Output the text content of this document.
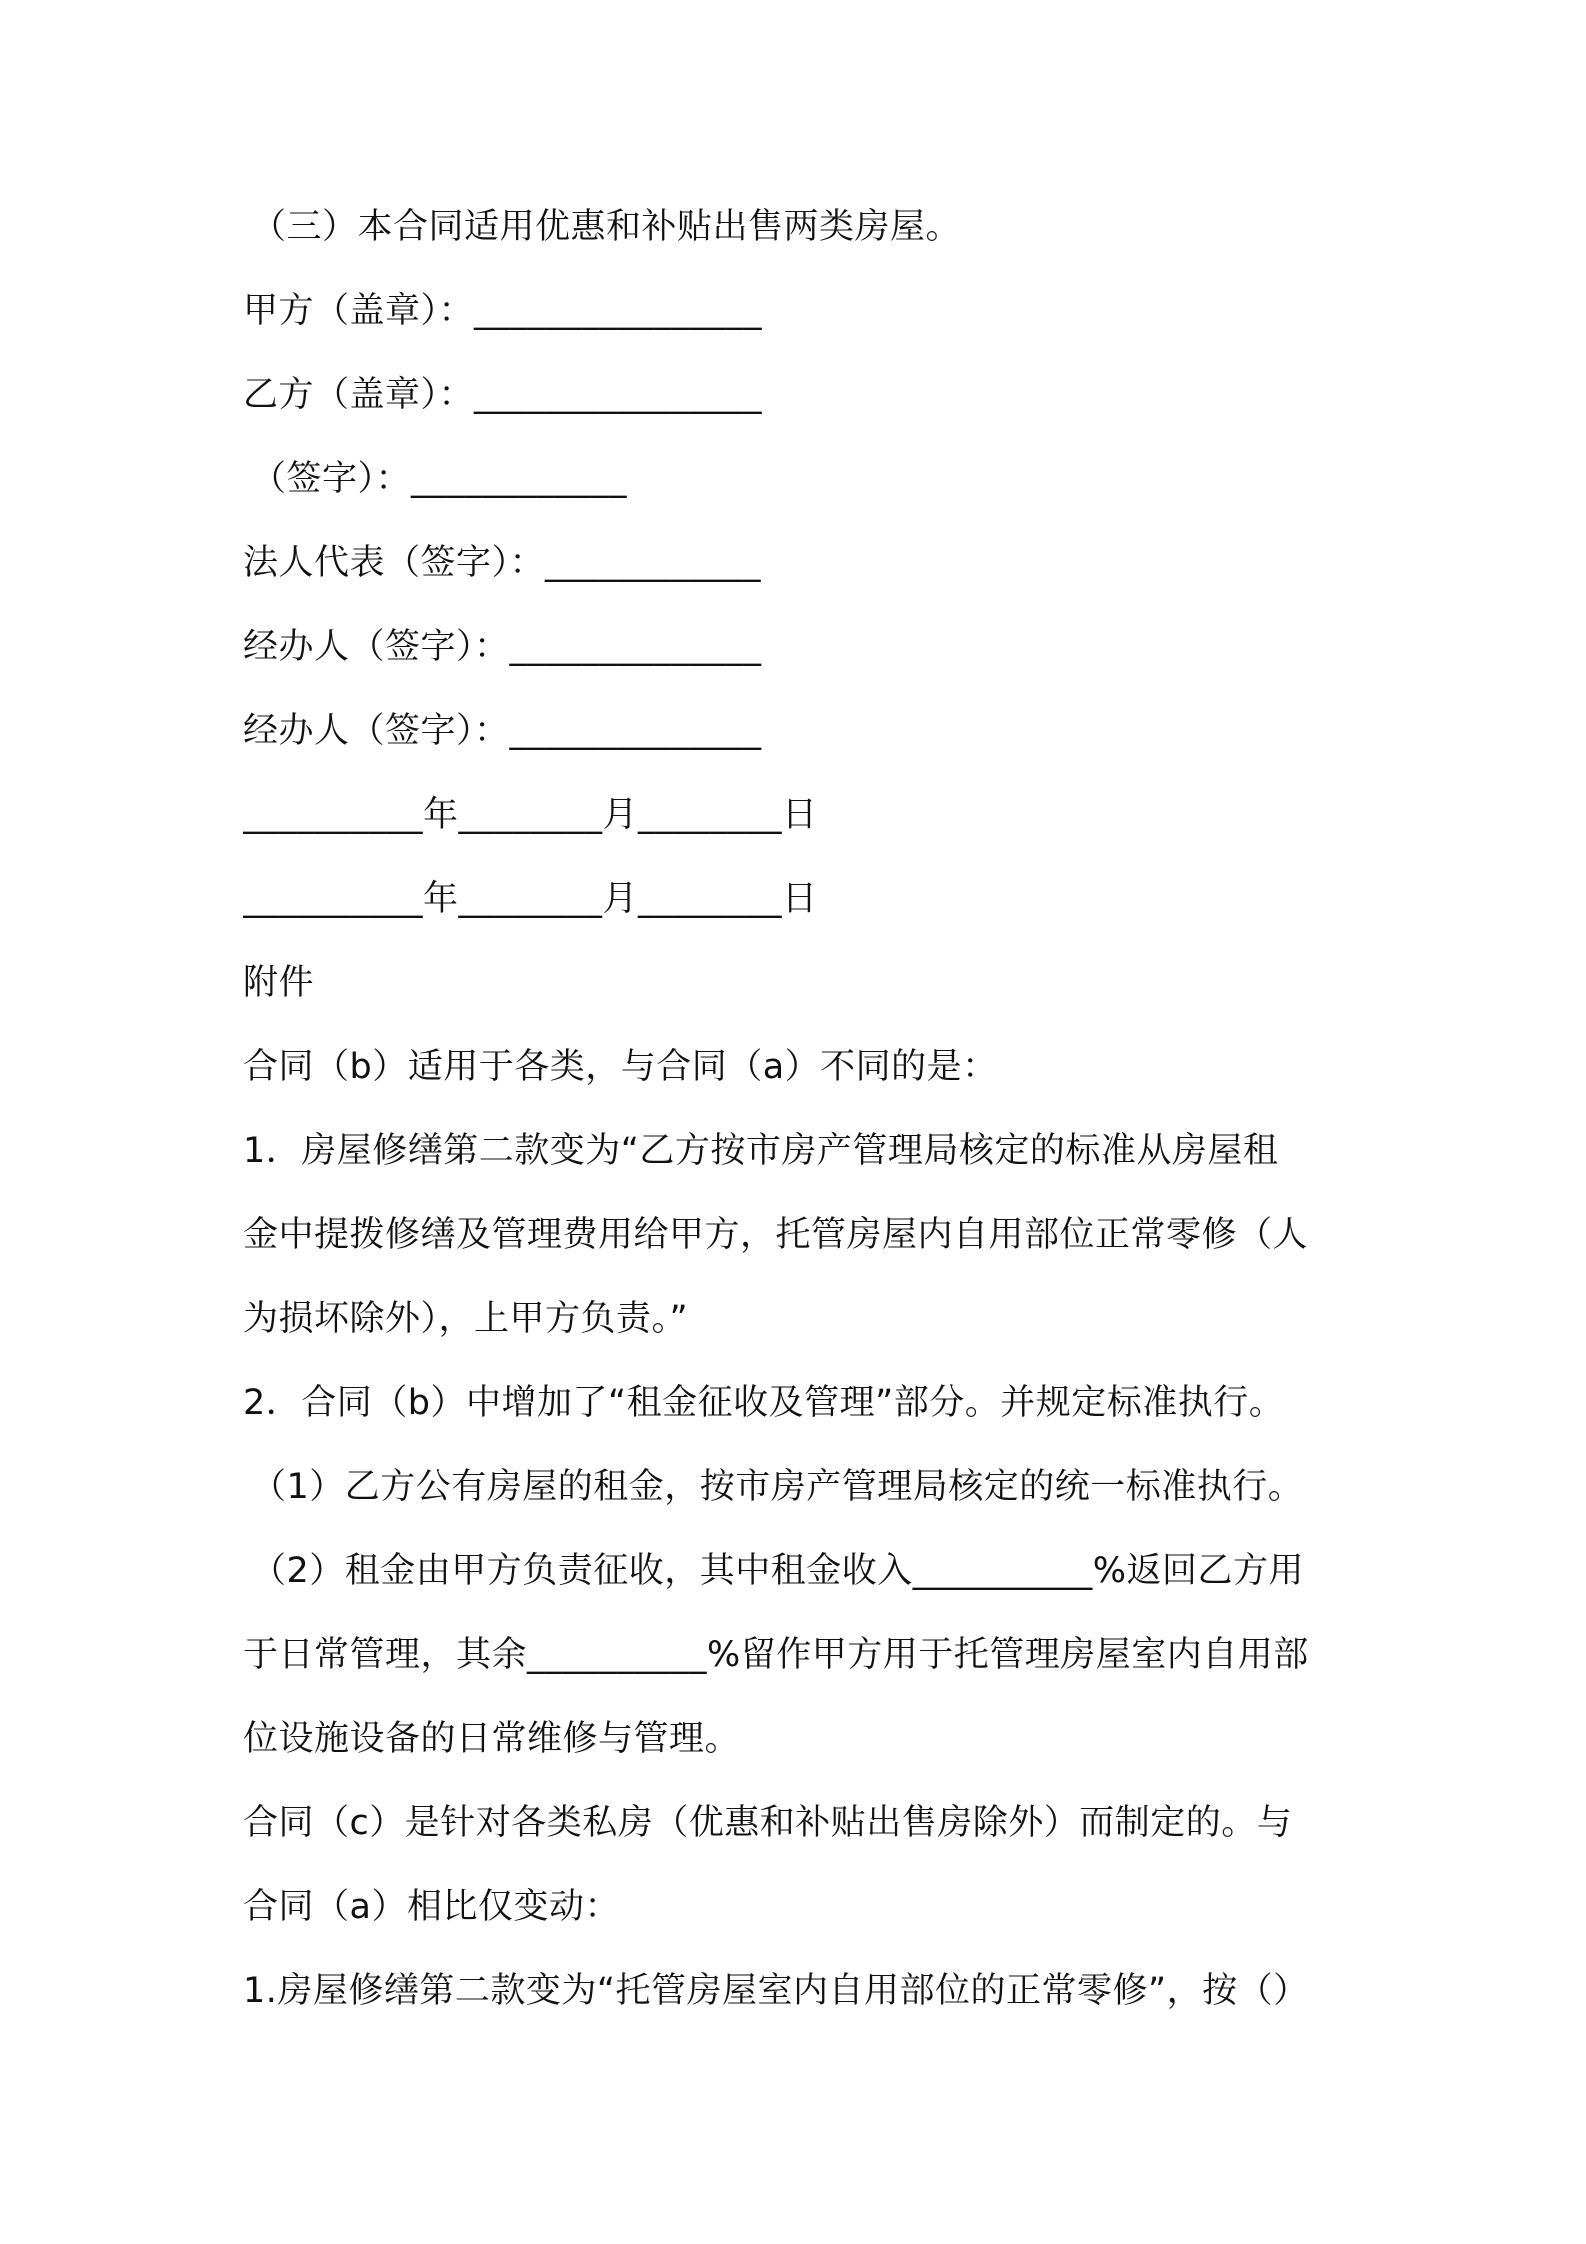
（三）本合同适用优惠和补贴出售两类房屋。
甲方（盖章）：________________
乙方（盖章）：________________
（签字）：____________
法人代表（签字）：____________
经办人（签字）：______________
经办人（签字）：______________
__________年________月________日
__________年________月________日
附件
合同（b）适用于各类，与合同（a）不同的是：
1．房屋修缮第二款变为“乙方按市房产管理局核定的标准从房屋租
金中提拨修缮及管理费用给甲方，托管房屋内自用部位正常零修（人
为损坏除外），上甲方负责。”
2．合同（b）中增加了“租金征收及管理”部分。并规定标准执行。
（1）乙方公有房屋的租金，按市房产管理局核定的统一标准执行。
（2）租金由甲方负责征收，其中租金收入__________%返回乙方用
于日常管理，其余__________%留作甲方用于托管理房屋室内自用部
位设施设备的日常维修与管理。
合同（c）是针对各类私房（优惠和补贴出售房除外）而制定的。与
合同（a）相比仅变动：
1.房屋修缮第二款变为“托管房屋室内自用部位的正常零修”，按（）
